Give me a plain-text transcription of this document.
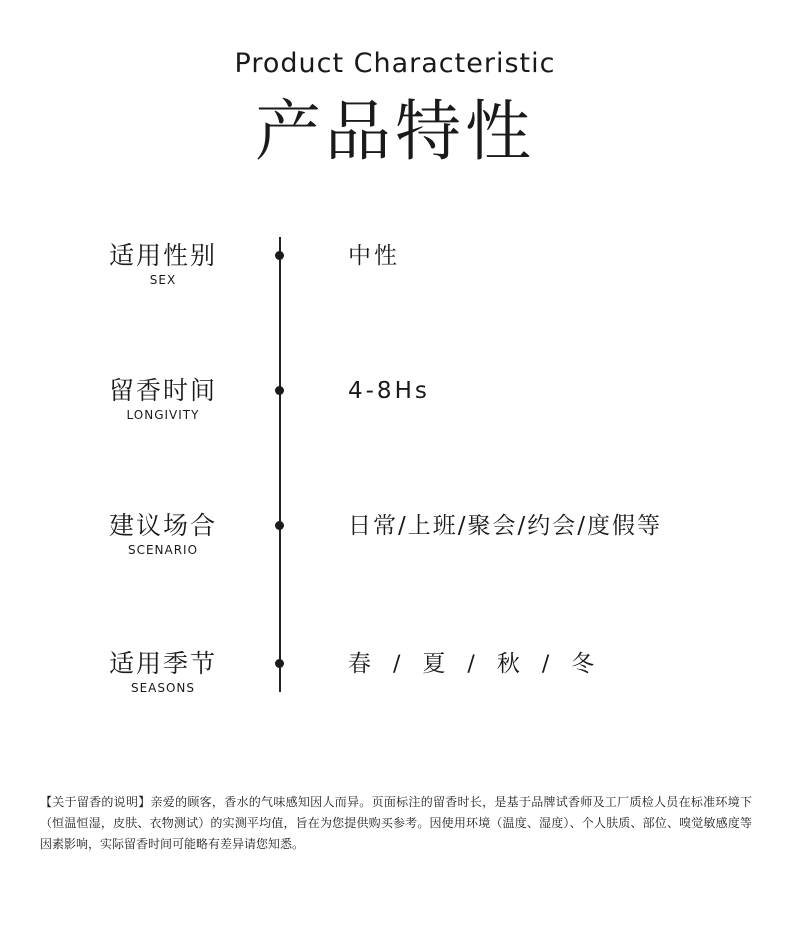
Product Characteristic
产品特性
适用性别
SEX
中性
留香时间
LONGIVITY
4-8Hs
建议场合
SCENARIO
日常/上班/聚会/约会/度假等
适用季节
SEASONS
春 / 夏 / 秋 / 冬
【关于留香的说明】亲爱的顾客，香水的气味感知因人而异。页面标注的留香时长，是基于品牌试香师及工厂质检人员在标准环境下（恒温恒湿，皮肤、衣物测试）的实测平均值，旨在为您提供购买参考。因使用环境（温度、湿度）、个人肤质、部位、嗅觉敏感度等因素影响，实际留香时间可能略有差异请您知悉。
